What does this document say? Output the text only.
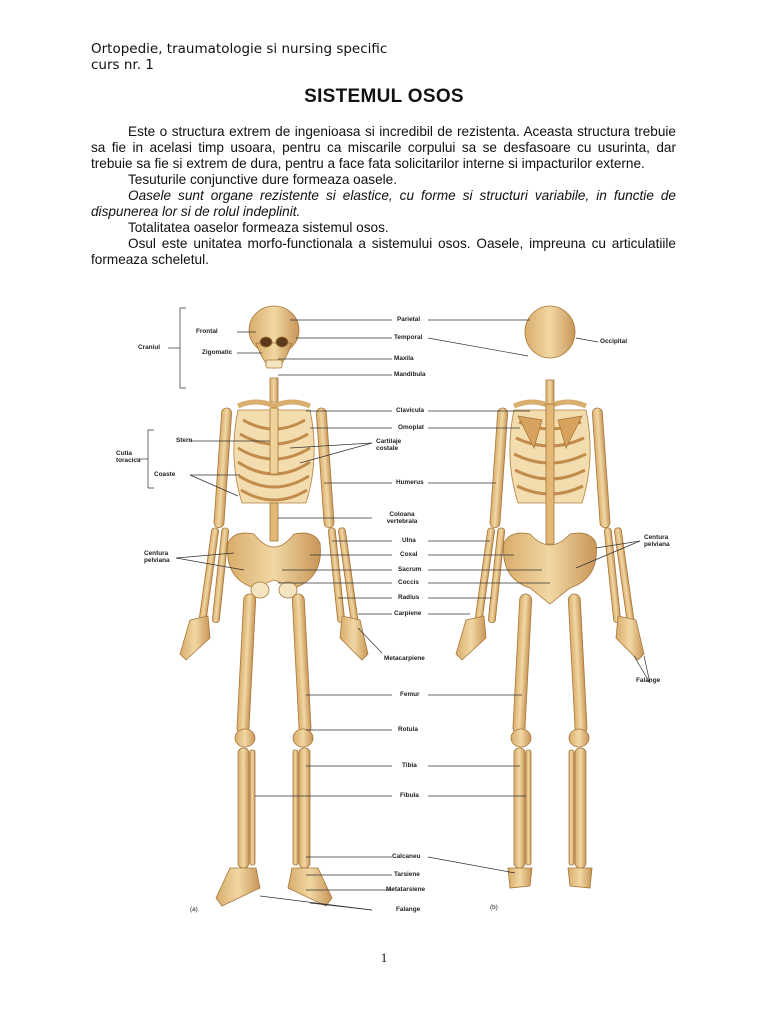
Ortopedie, traumatologie si nursing specific
curs nr. 1
SISTEMUL OSOS

Este o structura extrem de ingenioasa si incredibil de rezistenta. Aceasta structura trebuie sa fie in acelasi timp usoara, pentru ca miscarile corpului sa se desfasoare cu usurinta, dar trebuie sa fie si extrem de dura, pentru a face fata solicitarilor interne si impacturilor externe.

Tesuturile conjunctive dure formeaza oasele.

Oasele sunt organe rezistente si elastice, cu forme si structuri variabile, in functie de dispunerea lor si de rolul indeplinit.

Totalitatea oaselor formeaza sistemul osos.

Osul este unitatea morfo-functionala a sistemului osos. Oasele, impreuna cu articulatiile formeaza scheletul.

Parietal
Temporal
Maxila
Mandibula
Clavicula
Omoplat
Cartilaje
costale
Humerus
Coloana
vertebrala
Ulna
Coxal
Sacrum
Coccis
Radius
Carpiene
Metacarpiene
Femur
Rotula
Tibia
Fibula
Calcaneu
Tarsiene
Metatarsiene
Falange
Frontal
Craniul
Zigomatic
Cutia
toracica
Stern
Coaste
Centura
pelviana
Occipital
Centura
pelviana
Falange
(a)	(b)
1
